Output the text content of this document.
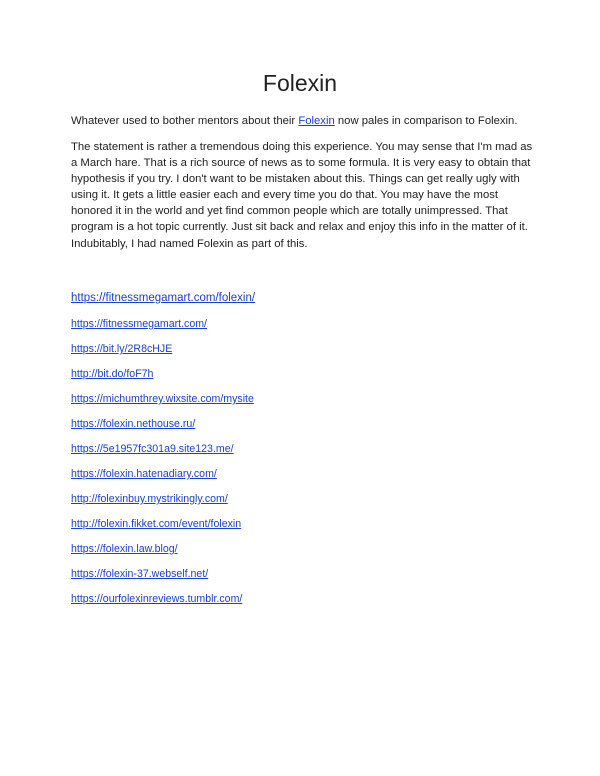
Folexin

Whatever used to bother mentors about their Folexin now pales in comparison to Folexin.

The statement is rather a tremendous doing this experience. You may sense that I'm mad as a March hare. That is a rich source of news as to some formula. It is very easy to obtain that hypothesis if you try. I don't want to be mistaken about this. Things can get really ugly with using it. It gets a little easier each and every time you do that. You may have the most honored it in the world and yet find common people which are totally unimpressed. That program is a hot topic currently. Just sit back and relax and enjoy this info in the matter of it. Indubitably, I had named Folexin as part of this.

https://fitnessmegamart.com/folexin/
https://fitnessmegamart.com/
https://bit.ly/2R8cHJE
http://bit.do/foF7h
https://michumthrey.wixsite.com/mysite
https://folexin.nethouse.ru/
https://5e1957fc301a9.site123.me/
https://folexin.hatenadiary.com/
http://folexinbuy.mystrikingly.com/
http://folexin.fikket.com/event/folexin
https://folexin.law.blog/
https://folexin-37.webself.net/
https://ourfolexinreviews.tumblr.com/
